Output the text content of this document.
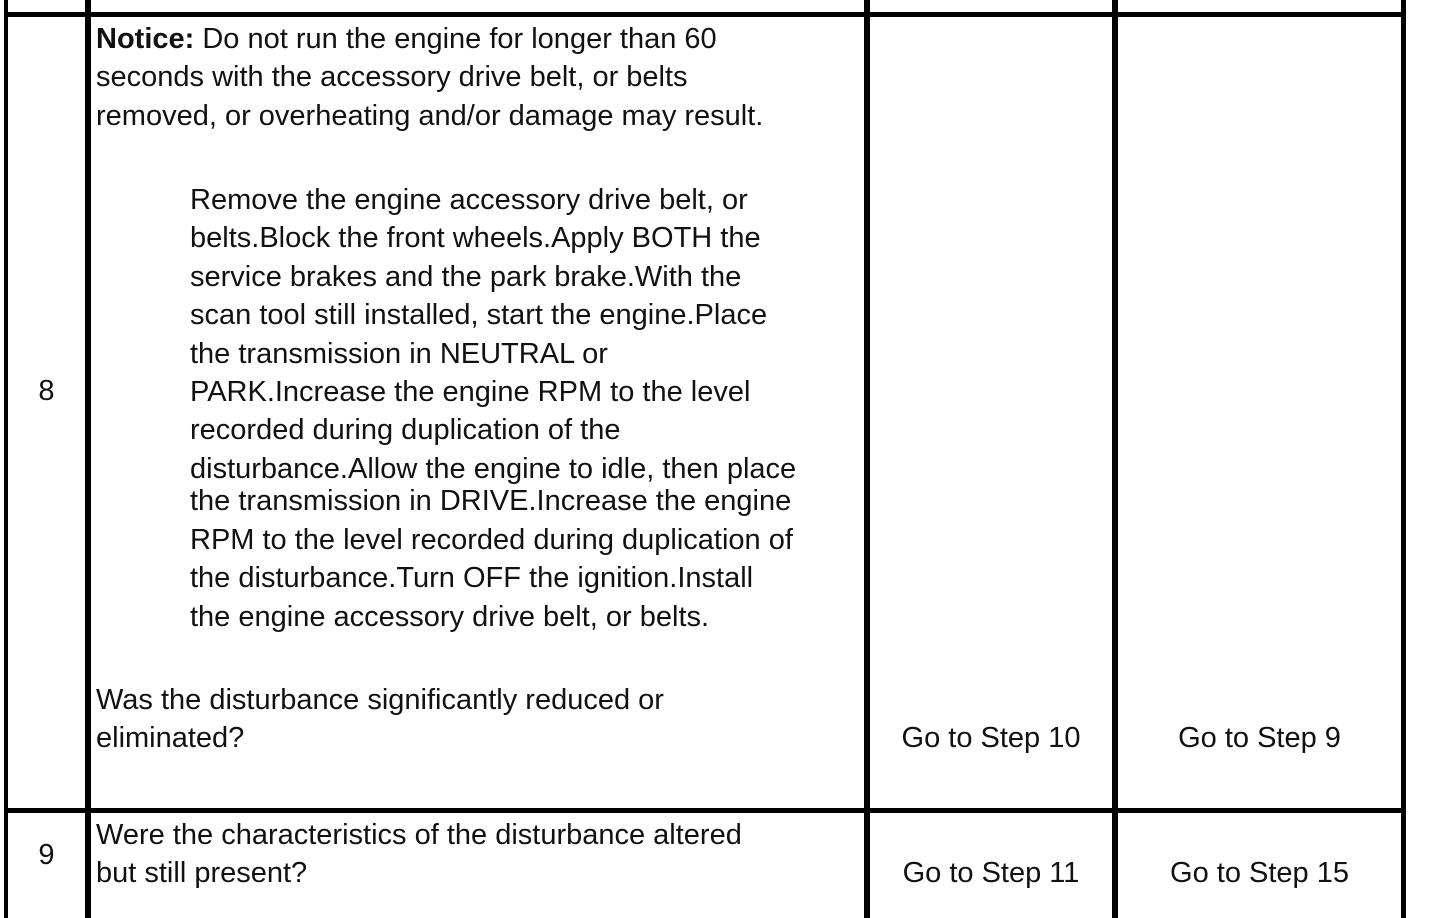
8
Notice: Do not run the engine for longer than 60
seconds with the accessory drive belt, or belts
removed, or overheating and/or damage may result.
Remove the engine accessory drive belt, or
belts.Block the front wheels.Apply BOTH the
service brakes and the park brake.With the
scan tool still installed, start the engine.Place
the transmission in NEUTRAL or
PARK.Increase the engine RPM to the level
recorded during duplication of the
disturbance.Allow the engine to idle, then place
the transmission in DRIVE.Increase the engine
RPM to the level recorded during duplication of
the disturbance.Turn OFF the ignition.Install
the engine accessory drive belt, or belts.
Was the disturbance significantly reduced or
eliminated?	Go to Step 10	Go to Step 9
9
Were the characteristics of the disturbance altered
but still present?	Go to Step 11	Go to Step 15
